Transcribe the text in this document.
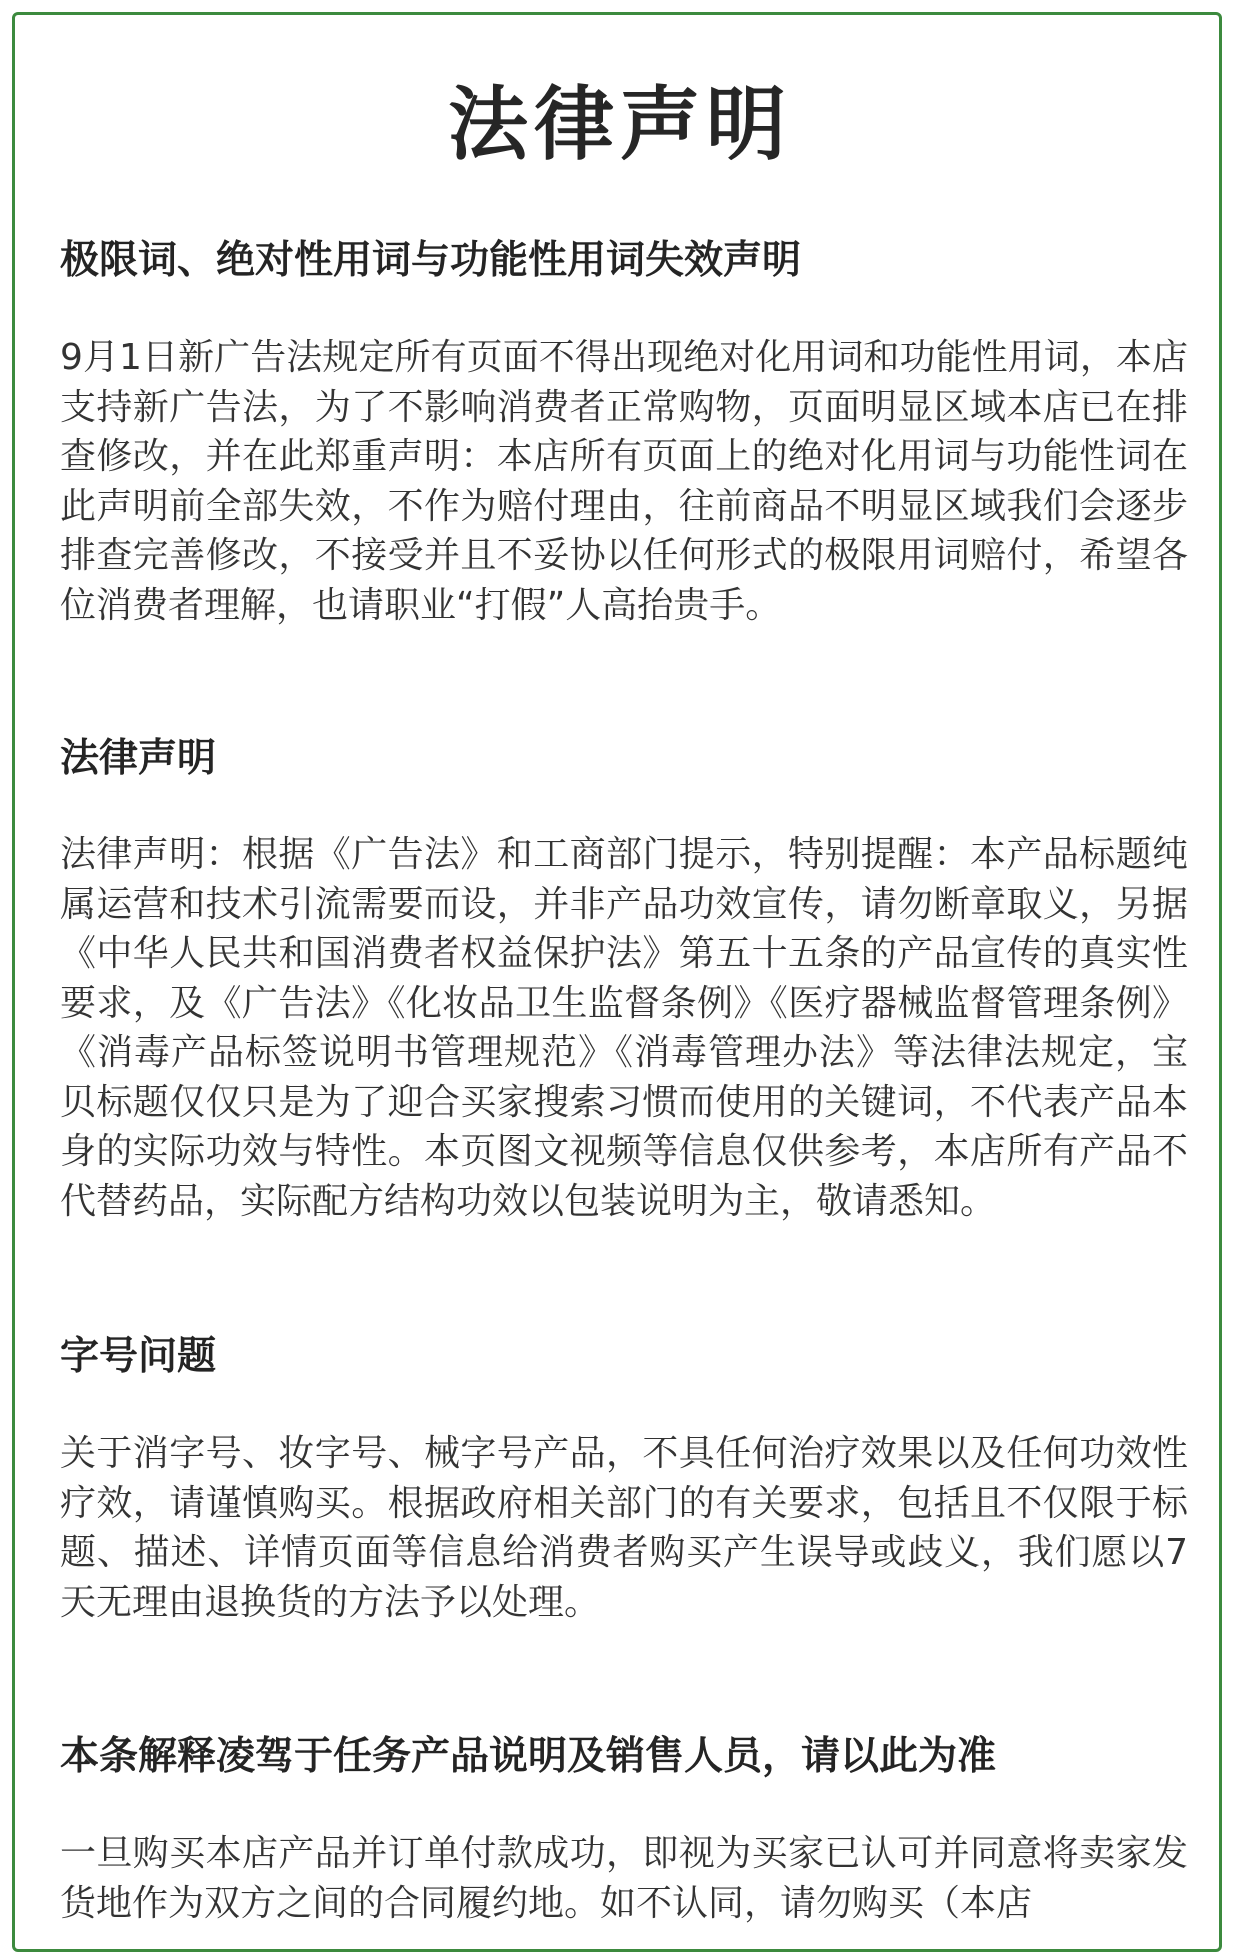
法律声明
极限词、绝对性用词与功能性用词失效声明
9月1日新广告法规定所有页面不得出现绝对化用词和功能性用词，本店支持新广告法，为了不影响消费者正常购物，页面明显区域本店已在排查修改，并在此郑重声明：本店所有页面上的绝对化用词与功能性词在此声明前全部失效，不作为赔付理由，往前商品不明显区域我们会逐步排查完善修改，不接受并且不妥协以任何形式的极限用词赔付，希望各位消费者理解，也请职业“打假”人高抬贵手。
法律声明
法律声明：根据《广告法》和工商部门提示，特别提醒：本产品标题纯属运营和技术引流需要而设，并非产品功效宣传，请勿断章取义，另据《中华人民共和国消费者权益保护法》第五十五条的产品宣传的真实性要求，及《广告法》《化妆品卫生监督条例》《医疗器械监督管理条例》《消毒产品标签说明书管理规范》《消毒管理办法》等法律法规定，宝贝标题仅仅只是为了迎合买家搜索习惯而使用的关键词，不代表产品本身的实际功效与特性。本页图文视频等信息仅供参考，本店所有产品不代替药品，实际配方结构功效以包装说明为主，敬请悉知。
字号问题
关于消字号、妆字号、械字号产品，不具任何治疗效果以及任何功效性疗效，请谨慎购买。根据政府相关部门的有关要求，包括且不仅限于标题、描述、详情页面等信息给消费者购买产生误导或歧义，我们愿以7天无理由退换货的方法予以处理。
本条解释凌驾于任务产品说明及销售人员，请以此为准
一旦购买本店产品并订单付款成功，即视为买家已认可并同意将卖家发货地作为双方之间的合同履约地。如不认同，请勿购买（本店
